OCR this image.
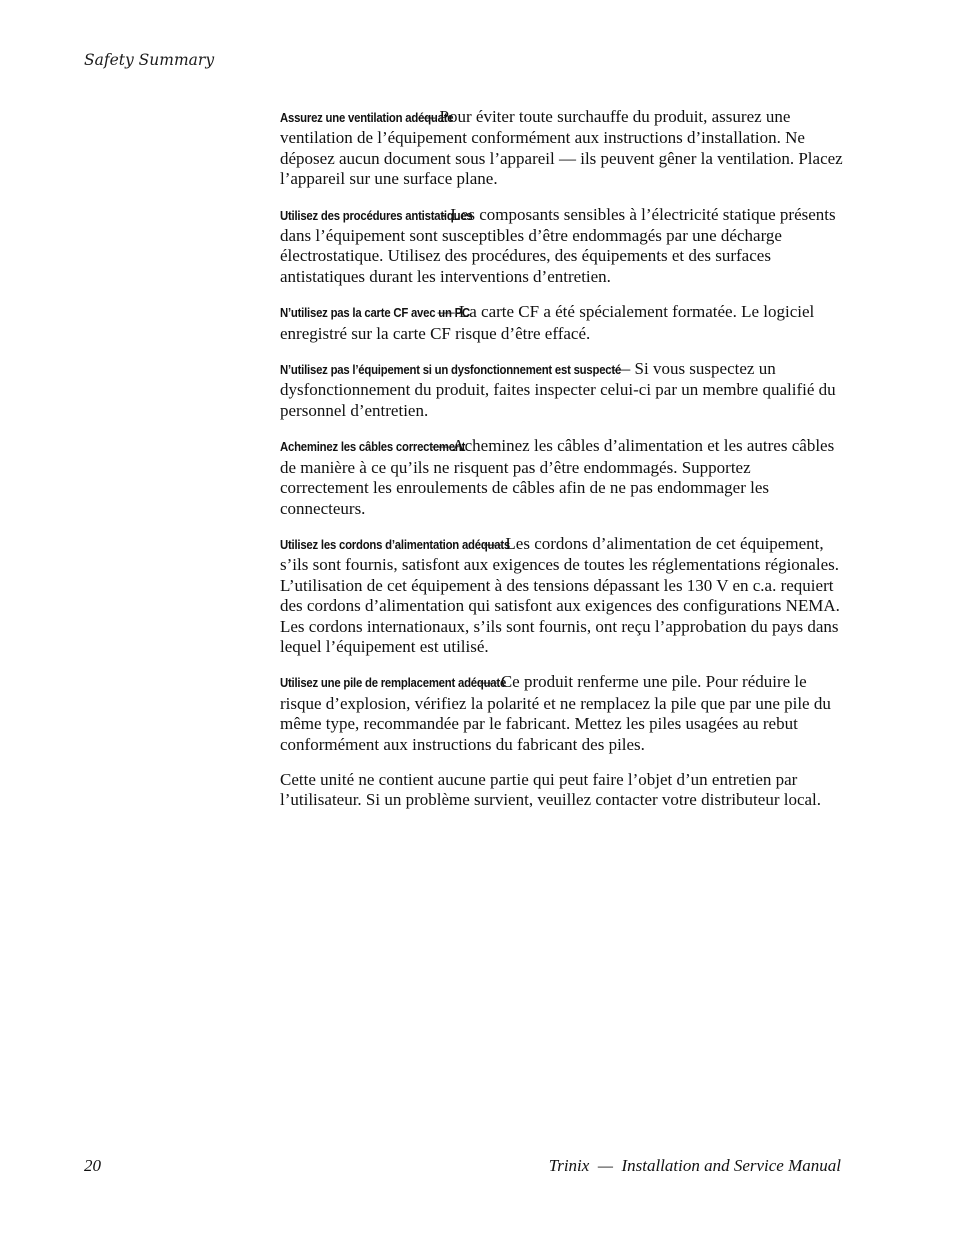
Safety Summary

Assurez une ventilation adéquate — Pour éviter toute surchauffe du produit, assurez une ventilation de l’équipement conformément aux instructions d’installation. Ne déposez aucun document sous l’appareil — ils peuvent gêner la ventilation. Placez l’appareil sur une surface plane.

Utilisez des procédures antistatiques - Les composants sensibles à l’électricité statique présents dans l’équipement sont susceptibles d’être endommagés par une décharge électrostatique. Utilisez des procédures, des équipements et des surfaces antistatiques durant les interventions d’entretien.

N’utilisez pas la carte CF avec un PC — La carte CF a été spécialement formatée. Le logiciel enregistré sur la carte CF risque d’être effacé.

N’utilisez pas l’équipement si un dysfonctionnement est suspecté — Si vous suspectez un dysfonctionnement du produit, faites inspecter celui-ci par un membre qualifié du personnel d’entretien.

Acheminez les câbles correctement — Acheminez les câbles d’alimentation et les autres câbles de manière à ce qu’ils ne risquent pas d’être endommagés. Supportez correctement les enroulements de câbles afin de ne pas endommager les connecteurs.

Utilisez les cordons d’alimentation adéquats — Les cordons d’alimentation de cet équipement, s’ils sont fournis, satisfont aux exigences de toutes les réglementations régionales. L’utilisation de cet équipement à des tensions dépassant les 130 V en c.a. requiert des cordons d’alimentation qui satisfont aux exigences des configurations NEMA. Les cordons internationaux, s’ils sont fournis, ont reçu l’approbation du pays dans lequel l’équipement est utilisé.

Utilisez une pile de remplacement adéquate — Ce produit renferme une pile. Pour réduire le risque d’explosion, vérifiez la polarité et ne remplacez la pile que par une pile du même type, recommandée par le fabricant. Mettez les piles usagées au rebut conformément aux instructions du fabricant des piles.

Cette unité ne contient aucune partie qui peut faire l’objet d’un entretien par l’utilisateur. Si un problème survient, veuillez contacter votre distributeur local.

20	Trinix  —  Installation and Service Manual
